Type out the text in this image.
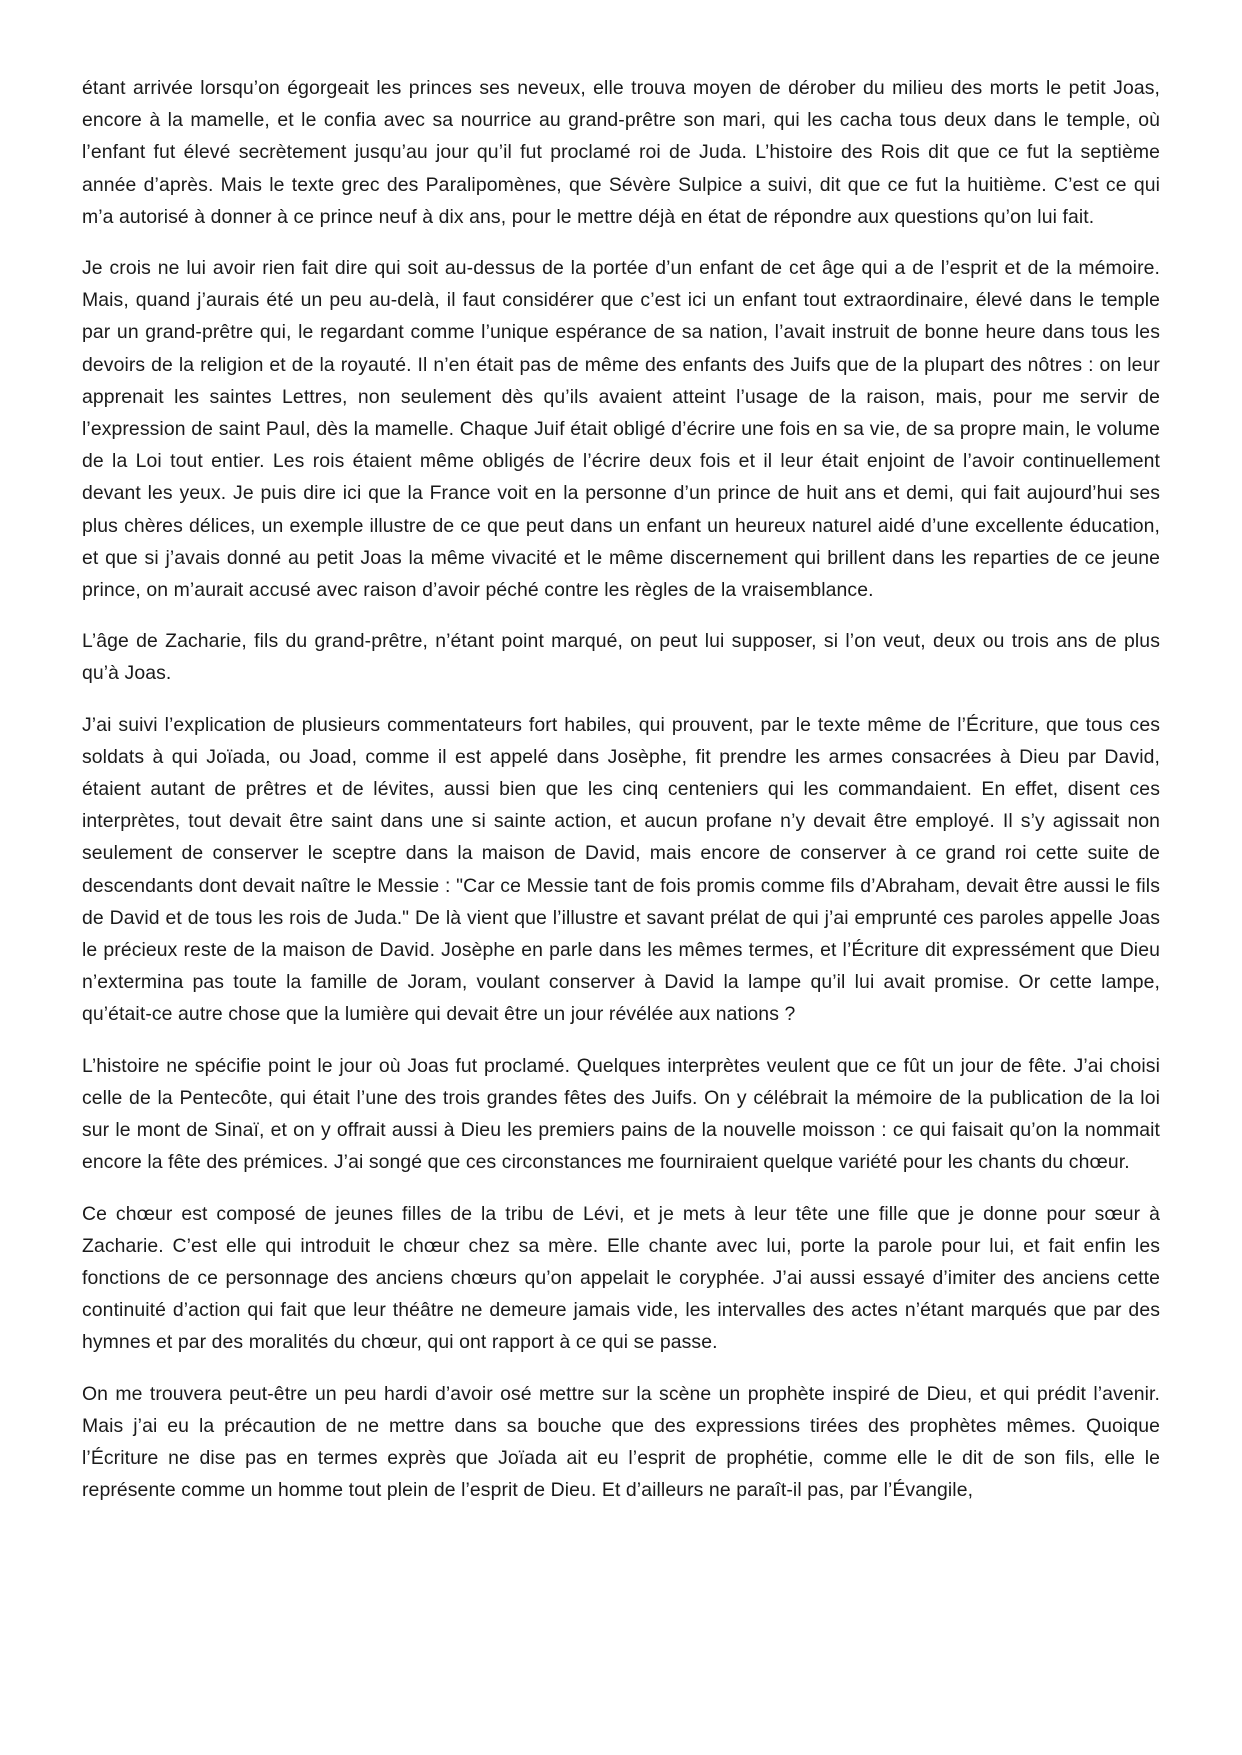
étant arrivée lorsqu’on égorgeait les princes ses neveux, elle trouva moyen de dérober du milieu des morts le petit Joas, encore à la mamelle, et le confia avec sa nourrice au grand-prêtre son mari, qui les cacha tous deux dans le temple, où l’enfant fut élevé secrètement jusqu’au jour qu’il fut proclamé roi de Juda. L’histoire des Rois dit que ce fut la septième année d’après. Mais le texte grec des Paralipomènes, que Sévère Sulpice a suivi, dit que ce fut la huitième. C’est ce qui m’a autorisé à donner à ce prince neuf à dix ans, pour le mettre déjà en état de répondre aux questions qu’on lui fait.

Je crois ne lui avoir rien fait dire qui soit au-dessus de la portée d’un enfant de cet âge qui a de l’esprit et de la mémoire. Mais, quand j’aurais été un peu au-delà, il faut considérer que c’est ici un enfant tout extraordinaire, élevé dans le temple par un grand-prêtre qui, le regardant comme l’unique espérance de sa nation, l’avait instruit de bonne heure dans tous les devoirs de la religion et de la royauté. Il n’en était pas de même des enfants des Juifs que de la plupart des nôtres : on leur apprenait les saintes Lettres, non seulement dès qu’ils avaient atteint l’usage de la raison, mais, pour me servir de l’expression de saint Paul, dès la mamelle. Chaque Juif était obligé d’écrire une fois en sa vie, de sa propre main, le volume de la Loi tout entier. Les rois étaient même obligés de l’écrire deux fois et il leur était enjoint de l’avoir continuellement devant les yeux. Je puis dire ici que la France voit en la personne d’un prince de huit ans et demi, qui fait aujourd’hui ses plus chères délices, un exemple illustre de ce que peut dans un enfant un heureux naturel aidé d’une excellente éducation, et que si j’avais donné au petit Joas la même vivacité et le même discernement qui brillent dans les reparties de ce jeune prince, on m’aurait accusé avec raison d’avoir péché contre les règles de la vraisemblance.

L’âge de Zacharie, fils du grand-prêtre, n’étant point marqué, on peut lui supposer, si l’on veut, deux ou trois ans de plus qu’à Joas.

J’ai suivi l’explication de plusieurs commentateurs fort habiles, qui prouvent, par le texte même de l’Écriture, que tous ces soldats à qui Joïada, ou Joad, comme il est appelé dans Josèphe, fit prendre les armes consacrées à Dieu par David, étaient autant de prêtres et de lévites, aussi bien que les cinq centeniers qui les commandaient. En effet, disent ces interprètes, tout devait être saint dans une si sainte action, et aucun profane n’y devait être employé. Il s’y agissait non seulement de conserver le sceptre dans la maison de David, mais encore de conserver à ce grand roi cette suite de descendants dont devait naître le Messie : "Car ce Messie tant de fois promis comme fils d’Abraham, devait être aussi le fils de David et de tous les rois de Juda." De là vient que l’illustre et savant prélat de qui j’ai emprunté ces paroles appelle Joas le précieux reste de la maison de David. Josèphe en parle dans les mêmes termes, et l’Écriture dit expressément que Dieu n’extermina pas toute la famille de Joram, voulant conserver à David la lampe qu’il lui avait promise. Or cette lampe, qu’était-ce autre chose que la lumière qui devait être un jour révélée aux nations ?

L’histoire ne spécifie point le jour où Joas fut proclamé. Quelques interprètes veulent que ce fût un jour de fête. J’ai choisi celle de la Pentecôte, qui était l’une des trois grandes fêtes des Juifs. On y célébrait la mémoire de la publication de la loi sur le mont de Sinaï, et on y offrait aussi à Dieu les premiers pains de la nouvelle moisson : ce qui faisait qu’on la nommait encore la fête des prémices. J’ai songé que ces circonstances me fourniraient quelque variété pour les chants du chœur.

Ce chœur est composé de jeunes filles de la tribu de Lévi, et je mets à leur tête une fille que je donne pour sœur à Zacharie. C’est elle qui introduit le chœur chez sa mère. Elle chante avec lui, porte la parole pour lui, et fait enfin les fonctions de ce personnage des anciens chœurs qu’on appelait le coryphée. J’ai aussi essayé d’imiter des anciens cette continuité d’action qui fait que leur théâtre ne demeure jamais vide, les intervalles des actes n’étant marqués que par des hymnes et par des moralités du chœur, qui ont rapport à ce qui se passe.

On me trouvera peut-être un peu hardi d’avoir osé mettre sur la scène un prophète inspiré de Dieu, et qui prédit l’avenir. Mais j’ai eu la précaution de ne mettre dans sa bouche que des expressions tirées des prophètes mêmes. Quoique l’Écriture ne dise pas en termes exprès que Joïada ait eu l’esprit de prophétie, comme elle le dit de son fils, elle le représente comme un homme tout plein de l’esprit de Dieu. Et d’ailleurs ne paraît-il pas, par l’Évangile,
